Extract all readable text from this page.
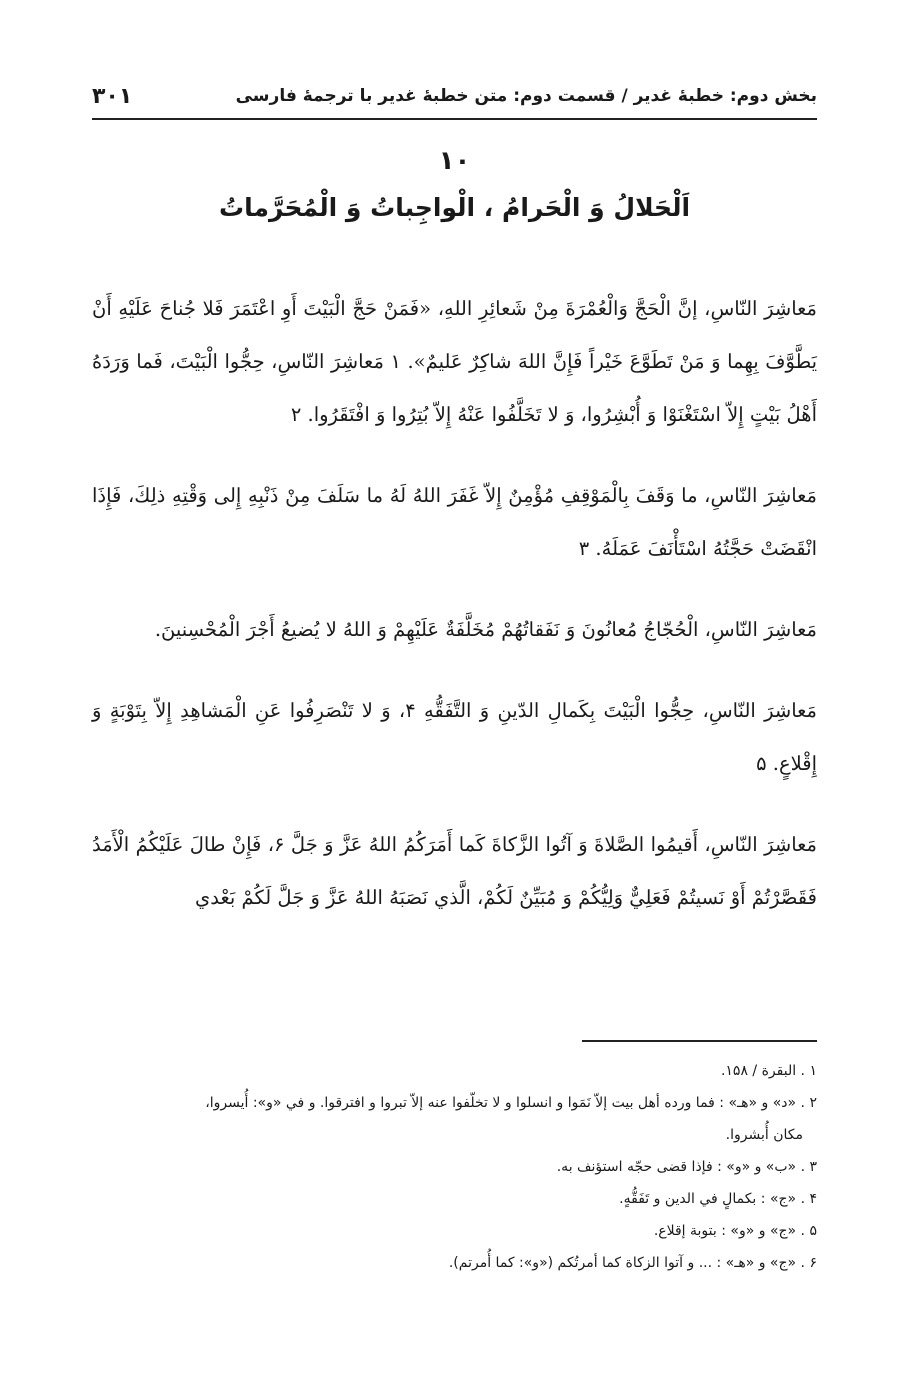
بخش دوم: خطبهٔ غدیر / قسمت دوم: متن خطبهٔ غدیر با ترجمهٔ فارسی
۳۰۱
۱۰
اَلْحَلالُ وَ الْحَرامُ ، الْواجِباتُ وَ الْمُحَرَّماتُ

مَعاشِرَ النّاسِ، إنَّ الْحَجَّ وَالْعُمْرَةَ مِنْ شَعائِرِ اللهِ، «فَمَنْ حَجَّ الْبَيْتَ أَوِ اعْتَمَرَ فَلا جُناحَ عَلَيْهِ أَنْ يَطَّوَّفَ بِهِما وَ مَنْ تَطَوَّعَ خَيْراً فَإِنَّ اللهَ شاكِرٌ عَليمٌ». ۱ مَعاشِرَ النّاسِ، حِجُّوا الْبَيْتَ، فَما وَرَدَهُ أَهْلُ بَيْتٍ إِلاّ اسْتَغْنَوْا وَ أُبْشِرُوا، وَ لا تَخَلَّفُوا عَنْهُ إِلاّ بُتِرُوا وَ افْتَقَرُوا. ۲

مَعاشِرَ النّاسِ، ما وَقَفَ بِالْمَوْقِفِ مُؤْمِنٌ إِلاّ غَفَرَ اللهُ لَهُ ما سَلَفَ مِنْ ذَنْبِهِ إِلى وَقْتِهِ ذلِكَ، فَإِذَا انْقَضَتْ حَجَّتُهُ اسْتَأْنَفَ عَمَلَهُ. ۳

مَعاشِرَ النّاسِ، الْحُجّاجُ مُعانُونَ وَ نَفَقاتُهُمْ مُخَلَّفَةٌ عَلَيْهِمْ وَ اللهُ لا يُضيعُ أَجْرَ الْمُحْسِنينَ.

مَعاشِرَ النّاسِ، حِجُّوا الْبَيْتَ بِكَمالِ الدّينِ وَ التَّفَقُّهِ ۴، وَ لا تَنْصَرِفُوا عَنِ الْمَشاهِدِ إِلاّ بِتَوْبَةٍ وَ إِقْلاعٍ. ۵

مَعاشِرَ النّاسِ، أَقيمُوا الصَّلاةَ وَ آتُوا الزَّكاةَ كَما أَمَرَكُمُ اللهُ عَزَّ وَ جَلَّ ۶، فَإِنْ طالَ عَلَيْكُمُ الْأَمَدُ فَقَصَّرْتُمْ أَوْ نَسيتُمْ فَعَلِيٌّ وَلِيُّكُمْ وَ مُبَيِّنٌ لَكُمْ، الَّذي نَصَبَهُ اللهُ عَزَّ وَ جَلَّ لَكُمْ بَعْدي

۱ . البقرة / ۱۵۸.

۲ . «د» و «هـ» : فما ورده أهل بيت إلاّ نَمَوا و انسلوا و لا تخلّفوا عنه إلاّ تبروا و افترقوا. و في «و»: أُيسروا،

مكان أُبشروا.

۳ . «ب» و «و» : فإذا قضى حجّه استؤنف به.

۴ . «ج» : بكمالٍ في الدين و تَفَقُّهٍ.

۵ . «ج» و «و» : بتوبة إقلاع.

۶ . «ج» و «هـ» : ... و آتوا الزكاة كما أمرتُكم («و»: كما أُمرتم).
